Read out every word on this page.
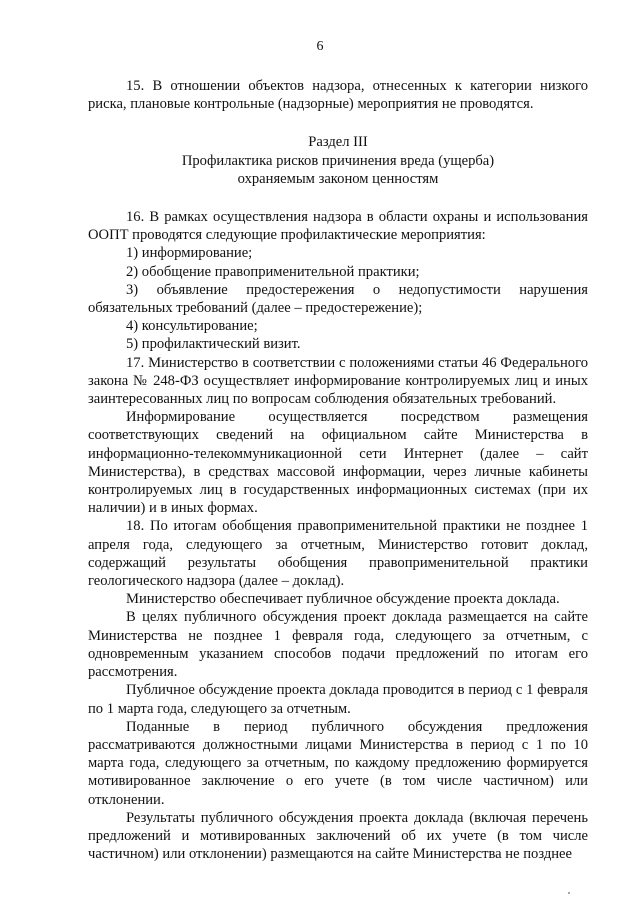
6

15. В отношении объектов надзора, отнесенных к категории низкого риска, плановые контрольные (надзорные) мероприятия не проводятся.

Раздел III

Профилактика рисков причинения вреда (ущерба)

охраняемым законом ценностям

16. В рамках осуществления надзора в области охраны и использования ООПТ проводятся следующие профилактические мероприятия:

1) информирование;

2) обобщение правоприменительной практики;

3) объявление предостережения о недопустимости нарушения обязательных требований (далее – предостережение);

4) консультирование;

5) профилактический визит.

17. Министерство в соответствии с положениями статьи 46 Федерального закона № 248-ФЗ осуществляет информирование контролируемых лиц и иных заинтересованных лиц по вопросам соблюдения обязательных требований.

Информирование осуществляется посредством размещения соответствующих сведений на официальном сайте Министерства в информационно-телекоммуникационной сети Интернет (далее – сайт Министерства), в средствах массовой информации, через личные кабинеты контролируемых лиц в государственных информационных системах (при их наличии) и в иных формах.

18. По итогам обобщения правоприменительной практики не позднее 1 апреля года, следующего за отчетным, Министерство готовит доклад, содержащий результаты обобщения правоприменительной практики геологического надзора (далее – доклад).

Министерство обеспечивает публичное обсуждение проекта доклада.

В целях публичного обсуждения проект доклада размещается на сайте Министерства не позднее 1 февраля года, следующего за отчетным, с одновременным указанием способов подачи предложений по итогам его рассмотрения.

Публичное обсуждение проекта доклада проводится в период с 1 февраля по 1 марта года, следующего за отчетным.

Поданные в период публичного обсуждения предложения рассматриваются должностными лицами Министерства в период с 1 по 10 марта года, следующего за отчетным, по каждому предложению формируется мотивированное заключение о его учете (в том числе частичном) или отклонении.

Результаты публичного обсуждения проекта доклада (включая перечень предложений и мотивированных заключений об их учете (в том числе частичном) или отклонении) размещаются на сайте Министерства не позднее
